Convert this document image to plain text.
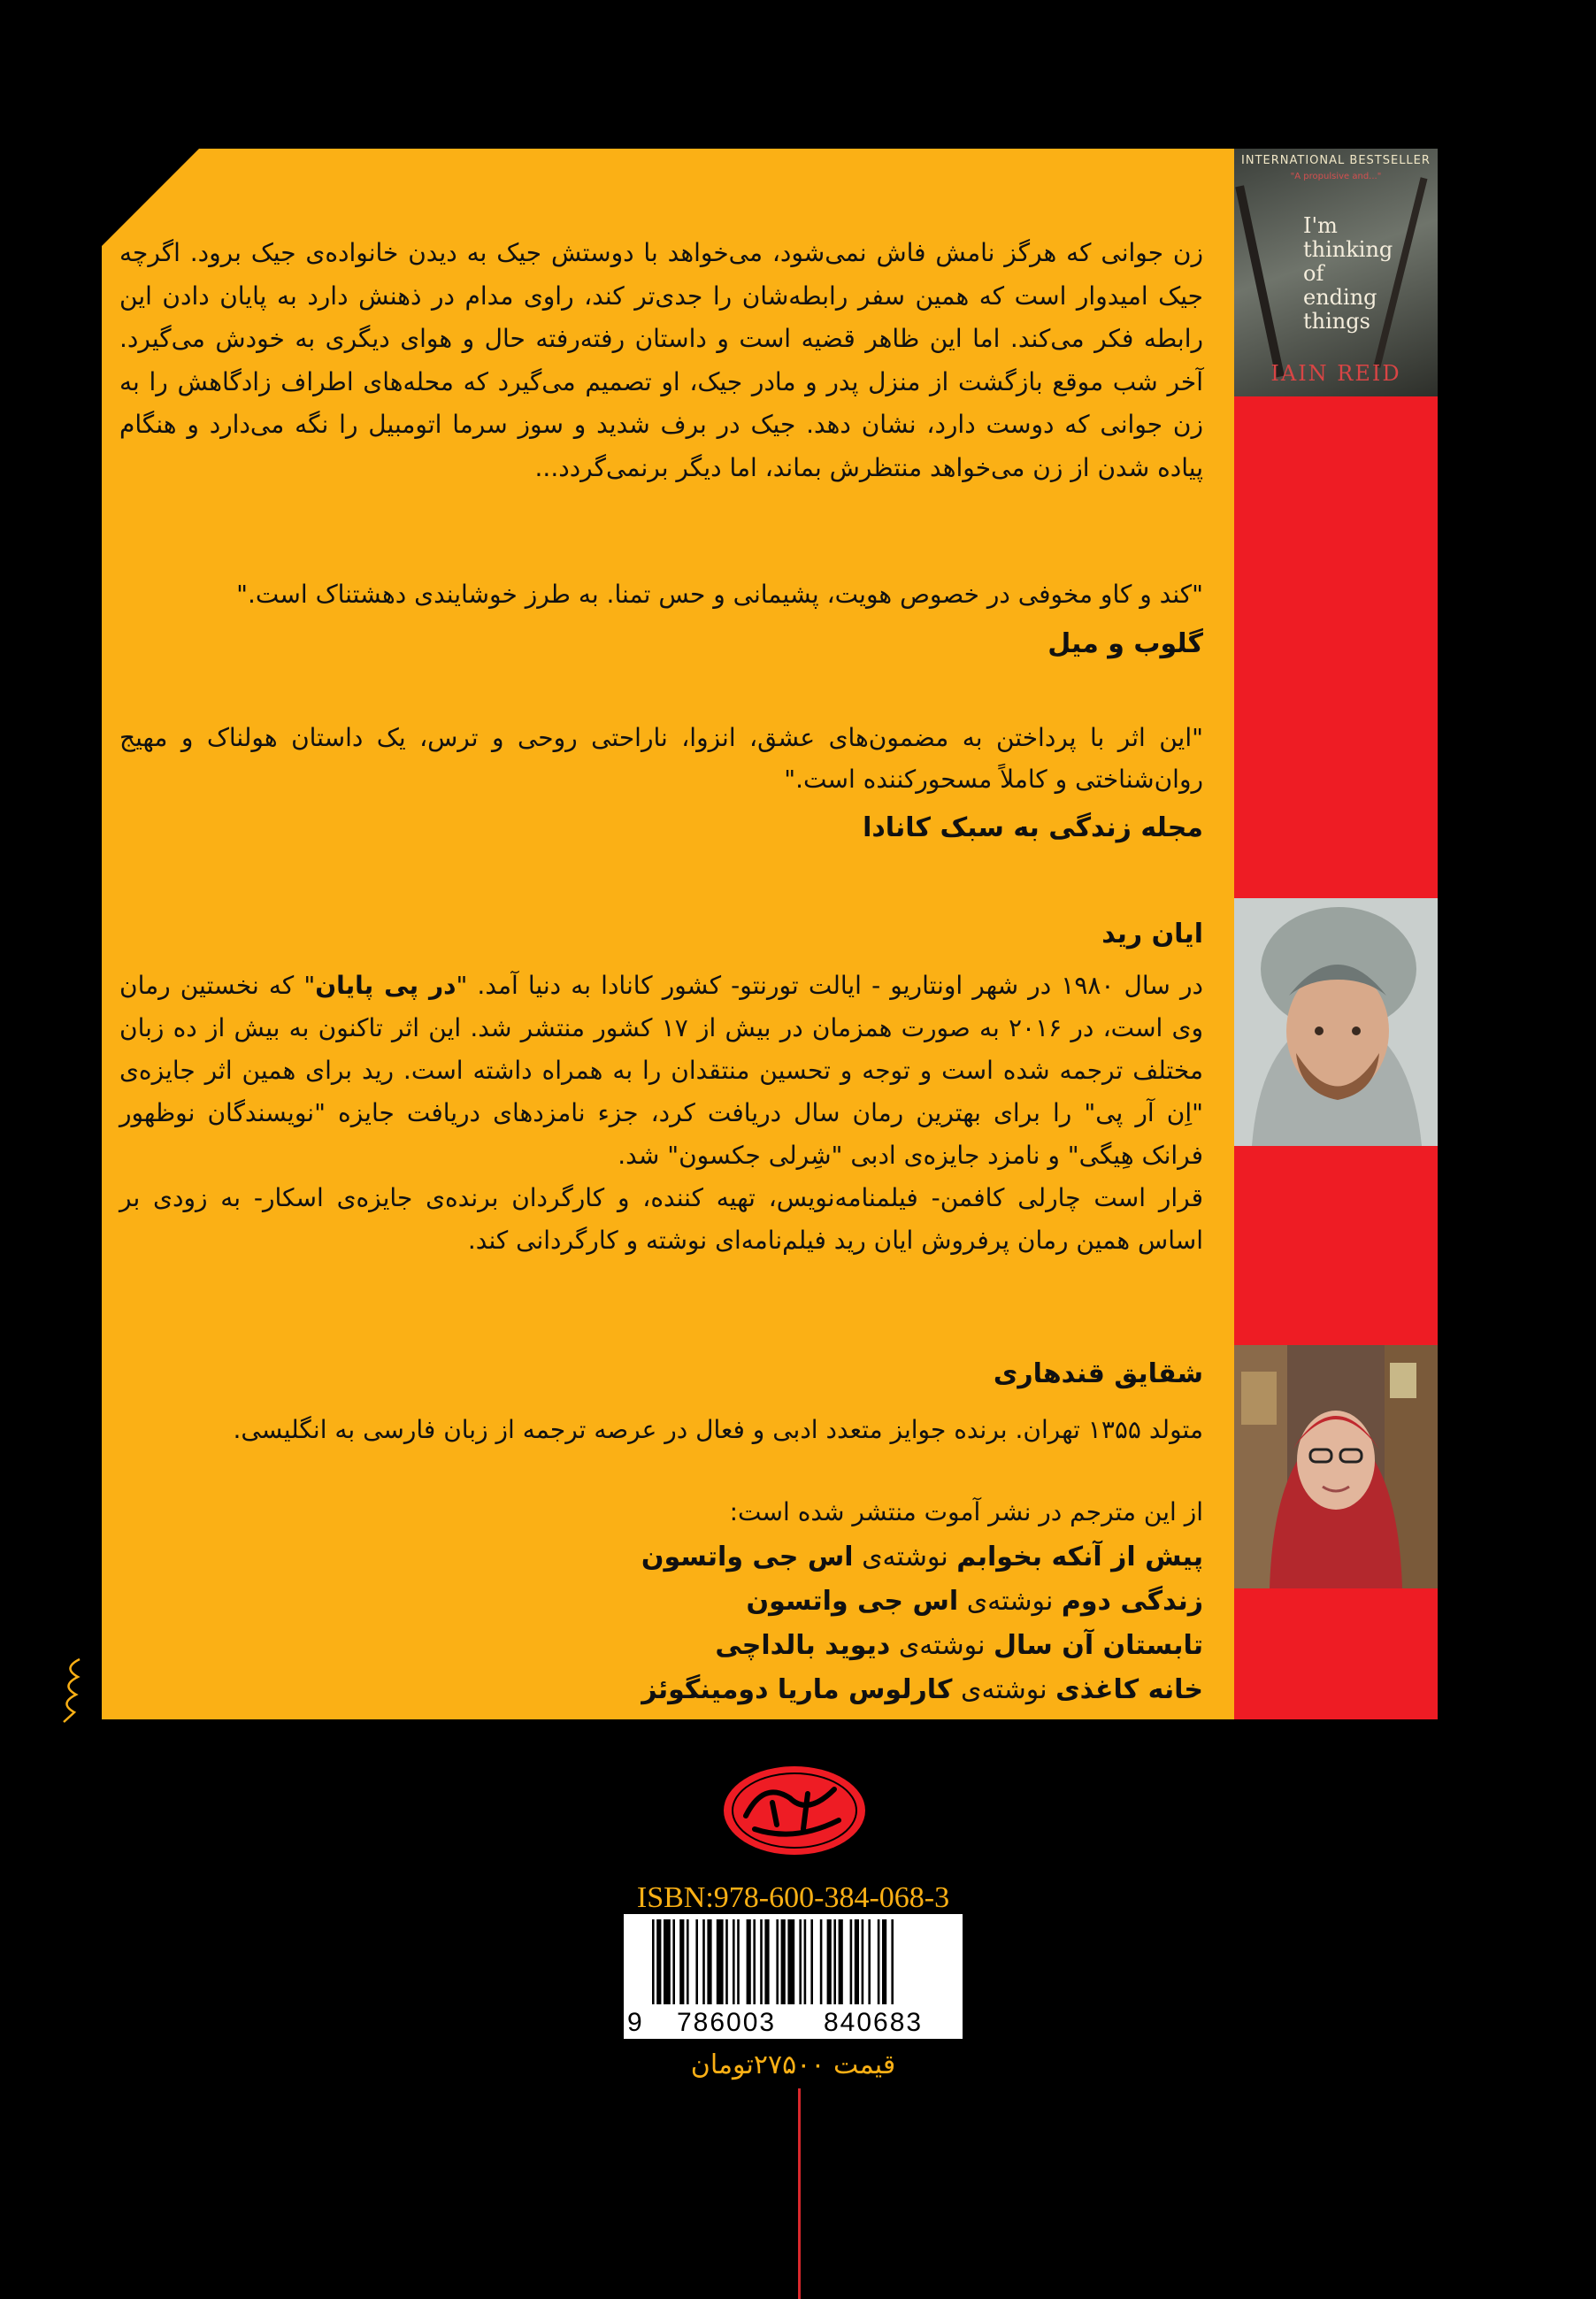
INTERNATIONAL BESTSELLER
"A propulsive and..."
I'm
thinking
of
ending
things
IAIN REID
زن جوانی که هرگز نامش فاش نمی‌شود، می‌خواهد با دوستش جیک به دیدن خانواده‌ی جیک برود. اگرچه جیک امیدوار است که همین سفر رابطه‌شان را جدی‌تر کند، راوی مدام در ذهنش دارد به پایان دادن این رابطه فکر می‌کند. اما این ظاهر قضیه است و داستان رفته‌رفته حال و هوای دیگری به خودش می‌گیرد. آخر شب موقع بازگشت از منزل پدر و مادر جیک، او تصمیم می‌گیرد که محله‌های اطراف زادگاهش را به زن جوانی که دوست دارد، نشان دهد. جیک در برف شدید و سوز سرما اتومبیل را نگه می‌دارد و هنگام پیاده شدن از زن می‌خواهد منتظرش بماند، اما دیگر برنمی‌گردد...
"کند و کاو مخوفی در خصوص هویت، پشیمانی و حس تمنا. به طرز خوشایندی دهشتناک است."
گلوب و میل
"این اثر با پرداختن به مضمون‌های عشق، انزوا، ناراحتی روحی و ترس، یک داستان هولناک و مهیج روان‌شناختی و کاملاً مسحورکننده است."
مجله زندگی به سبک کانادا
ایان رید
در سال ۱۹۸۰ در شهر اونتاریو - ایالت تورنتو- کشور کانادا به دنیا آمد. "در پی پایان" که نخستین رمان وی است، در ۲۰۱۶ به صورت همزمان در بیش از ۱۷ کشور منتشر شد. این اثر تاکنون به بیش از ده زبان مختلف ترجمه شده است و توجه و تحسین منتقدان را به همراه داشته است. رید برای همین اثر جایزه‌ی "اِن آر پی" را برای بهترین رمان سال دریافت کرد، جزء نامزدهای دریافت جایزه "نویسندگان نوظهور فرانک هِیگی" و نامزد جایزه‌ی ادبی "شِرلی جکسون" شد.
قرار است چارلی کافمن- فیلمنامه‌نویس، تهیه کننده، و کارگردان برنده‌ی جایزه‌ی اسکار- به زودی بر اساس همین رمان پرفروش ایان رید فیلم‌نامه‌ای نوشته و کارگردانی کند.
شقایق قندهاری
متولد ۱۳۵۵ تهران. برنده جوایز متعدد ادبی و فعال در عرصه ترجمه از زبان فارسی به انگلیسی.
از این مترجم در نشر آموت منتشر شده است:
پیش از آنکه بخوابم نوشته‌ی اس جی واتسون
زندگی دوم نوشته‌ی اس جی واتسون
تابستان آن سال نوشته‌ی دیوید بالداچی
خانه کاغذی نوشته‌ی کارلوس ماریا دومینگوئز
ISBN:978-600-384-068-3
9 786003 840683
قیمت ۲۷۵۰۰تومان
